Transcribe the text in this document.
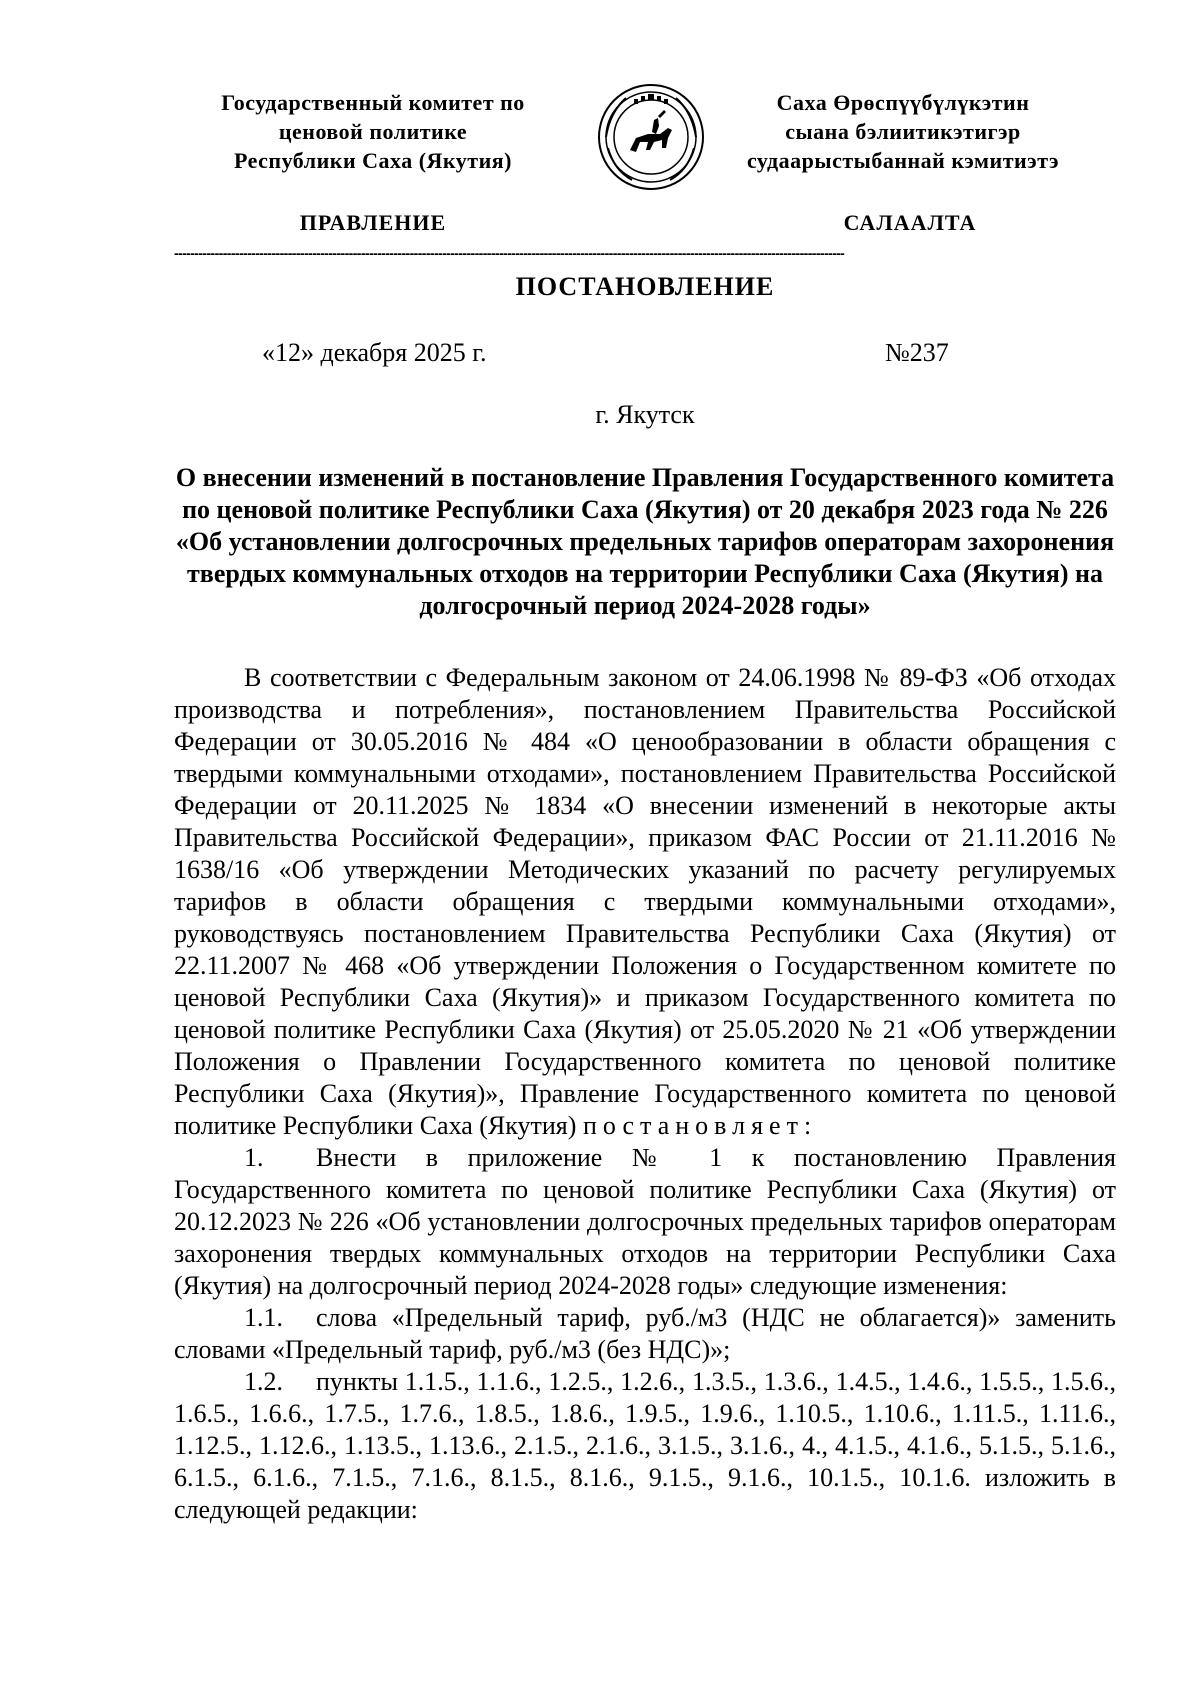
Государственный комитет по
ценовой политике
Республики Саха (Якутия)
Саха Өрөспүүбүлүкэтин
сыана бэлиитикэтигэр
судаарыстыбаннай кэмитиэтэ
ПРАВЛЕНИЕ	САЛААЛТА
---------------------------------------------------------------------------------------------------------------------------------------------------------------------
ПОСТАНОВЛЕНИЕ
«12» декабря 2025 г.	№237
г. Якутск
О внесении изменений в постановление Правления Государственного комитета по ценовой политике Республики Саха (Якутия) от 20 декабря 2023 года № 226 «Об установлении долгосрочных предельных тарифов операторам захоронения твердых коммунальных отходов на территории Республики Саха (Якутия) на долгосрочный период 2024-2028 годы»

В соответствии с Федеральным законом от 24.06.1998 № 89-ФЗ «Об отходах производства и потребления», постановлением Правительства Российской Федерации от 30.05.2016 № 484 «О ценообразовании в области обращения с твердыми коммунальными отходами», постановлением Правительства Российской Федерации от 20.11.2025 № 1834 «О внесении изменений в некоторые акты Правительства Российской Федерации», приказом ФАС России от 21.11.2016 № 1638/16 «Об утверждении Методических указаний по расчету регулируемых тарифов в области обращения с твердыми коммунальными отходами», руководствуясь постановлением Правительства Республики Саха (Якутия) от 22.11.2007 № 468 «Об утверждении Положения о Государственном комитете по ценовой Республики Саха (Якутия)» и приказом Государственного комитета по ценовой политике Республики Саха (Якутия) от 25.05.2020 № 21 «Об утверждении Положения о Правлении Государственного комитета по ценовой политике Республики Саха (Якутия)», Правление Государственного комитета по ценовой политике Республики Саха (Якутия) постановляет:

1. Внести в приложение № 1 к постановлению Правления Государственного комитета по ценовой политике Республики Саха (Якутия) от 20.12.2023 № 226 «Об установлении долгосрочных предельных тарифов операторам захоронения твердых коммунальных отходов на территории Республики Саха (Якутия) на долгосрочный период 2024-2028 годы» следующие изменения:

1.1. слова «Предельный тариф, руб./м3 (НДС не облагается)» заменить словами «Предельный тариф, руб./м3 (без НДС)»;

1.2. пункты 1.1.5., 1.1.6., 1.2.5., 1.2.6., 1.3.5., 1.3.6., 1.4.5., 1.4.6., 1.5.5., 1.5.6., 1.6.5., 1.6.6., 1.7.5., 1.7.6., 1.8.5., 1.8.6., 1.9.5., 1.9.6., 1.10.5., 1.10.6., 1.11.5., 1.11.6., 1.12.5., 1.12.6., 1.13.5., 1.13.6., 2.1.5., 2.1.6., 3.1.5., 3.1.6., 4., 4.1.5., 4.1.6., 5.1.5., 5.1.6., 6.1.5., 6.1.6., 7.1.5., 7.1.6., 8.1.5., 8.1.6., 9.1.5., 9.1.6., 10.1.5., 10.1.6. изложить в следующей редакции:
